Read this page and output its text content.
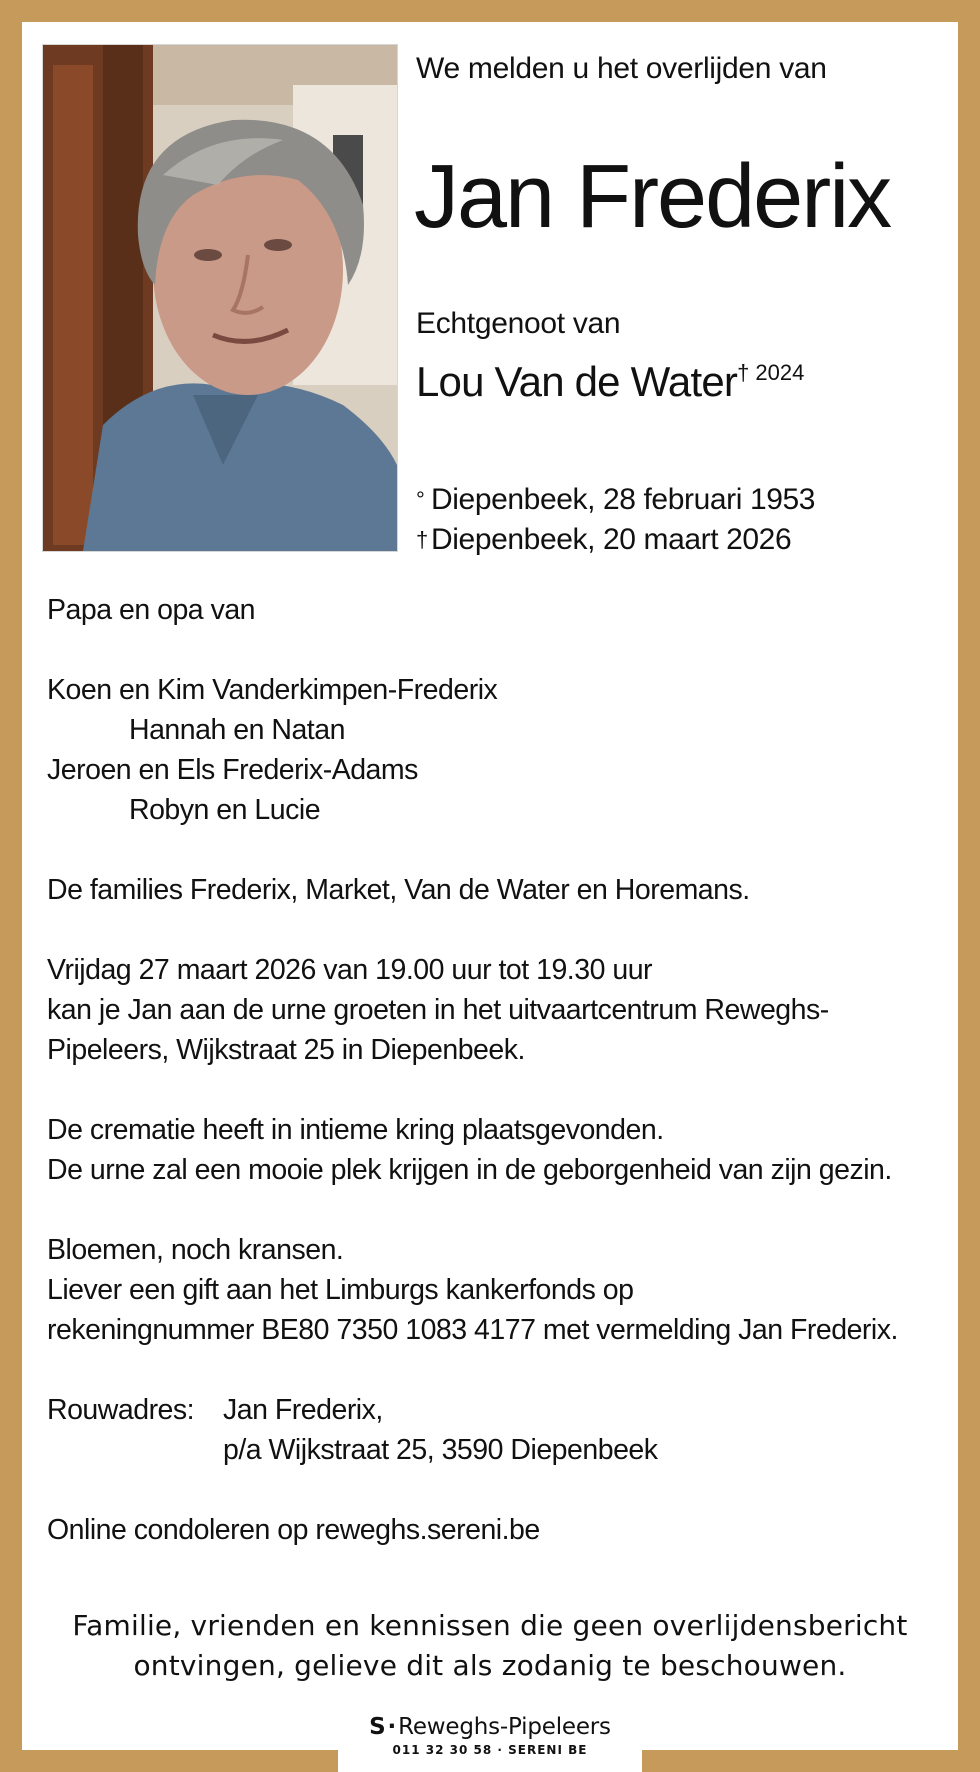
We melden u het overlijden van
Jan Frederix
Echtgenoot van
Lou Van de Water$^{\dagger 2024}$
° Diepenbeek, 28 februari 1953
† Diepenbeek, 20 maart 2026

Papa en opa van

Koen en Kim Vanderkimpen-Frederix

Hannah en Natan

Jeroen en Els Frederix-Adams

Robyn en Lucie

De families Frederix, Market, Van de Water en Horemans.

Vrijdag 27 maart 2026 van 19.00 uur tot 19.30 uur

kan je Jan aan de urne groeten in het uitvaartcentrum Reweghs-

Pipeleers, Wijkstraat 25 in Diepenbeek.

De crematie heeft in intieme kring plaatsgevonden.

De urne zal een mooie plek krijgen in de geborgenheid van zijn gezin.

Bloemen, noch kransen.

Liever een gift aan het Limburgs kankerfonds op

rekeningnummer BE80 7350 1083 4177 met vermelding Jan Frederix.

Rouwadres:	Jan Frederix,

p/a Wijkstraat 25, 3590 Diepenbeek

Online condoleren op reweghs.sereni.be

Familie, vrienden en kennissen die geen overlijdensbericht

ontvingen, gelieve dit als zodanig te beschouwen.

S·Reweghs-Pipeleers
011 32 30 58 · SERENI BE
